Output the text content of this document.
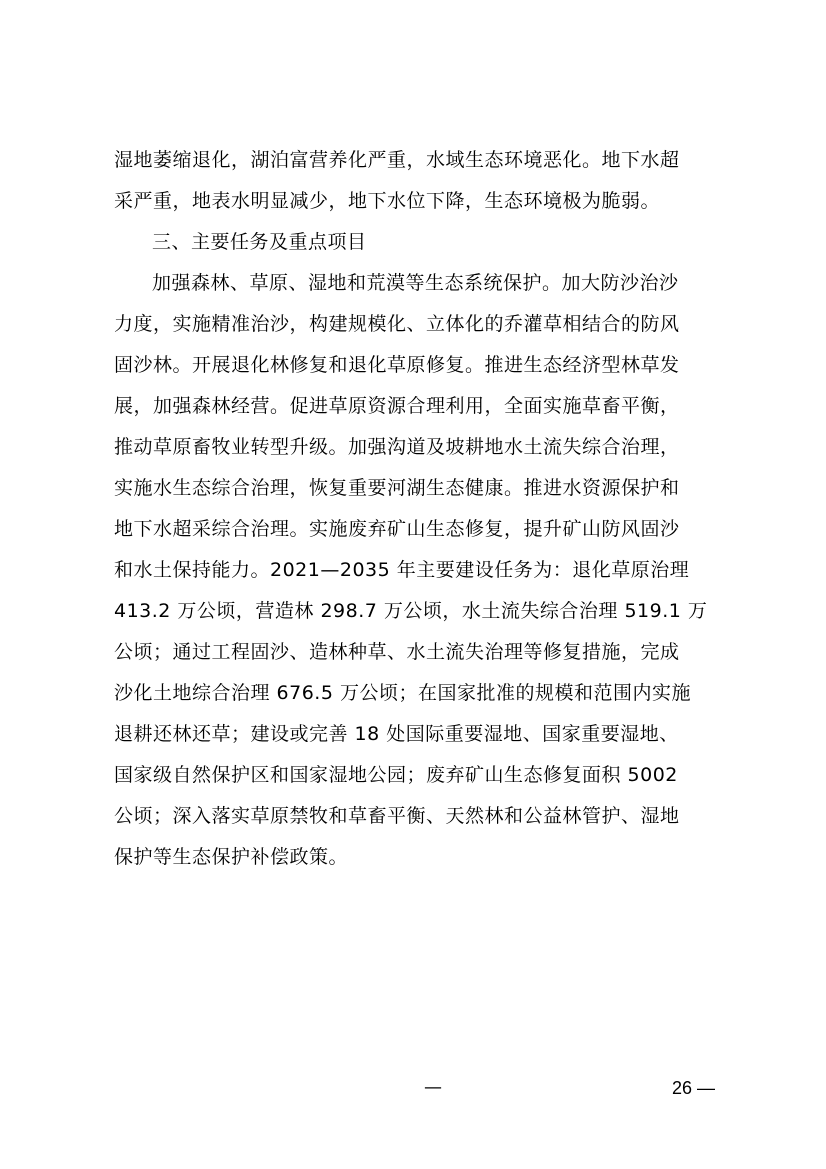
湿地萎缩退化，湖泊富营养化严重，水域生态环境恶化。地下水超
采严重，地表水明显减少，地下水位下降，生态环境极为脆弱。
三、主要任务及重点项目
加强森林、草原、湿地和荒漠等生态系统保护。加大防沙治沙
力度，实施精准治沙，构建规模化、立体化的乔灌草相结合的防风
固沙林。开展退化林修复和退化草原修复。推进生态经济型林草发
展，加强森林经营。促进草原资源合理利用，全面实施草畜平衡，
推动草原畜牧业转型升级。加强沟道及坡耕地水土流失综合治理，
实施水生态综合治理，恢复重要河湖生态健康。推进水资源保护和
地下水超采综合治理。实施废弃矿山生态修复，提升矿山防风固沙
和水土保持能力。2021—2035 年主要建设任务为：退化草原治理
413.2 万公顷，营造林 298.7 万公顷，水土流失综合治理 519.1 万
公顷；通过工程固沙、造林种草、水土流失治理等修复措施，完成
沙化土地综合治理 676.5 万公顷；在国家批准的规模和范围内实施
退耕还林还草；建设或完善 18 处国际重要湿地、国家重要湿地、
国家级自然保护区和国家湿地公园；废弃矿山生态修复面积 5002
公顷；深入落实草原禁牧和草畜平衡、天然林和公益林管护、湿地
保护等生态保护补偿政策。
—	26 —
